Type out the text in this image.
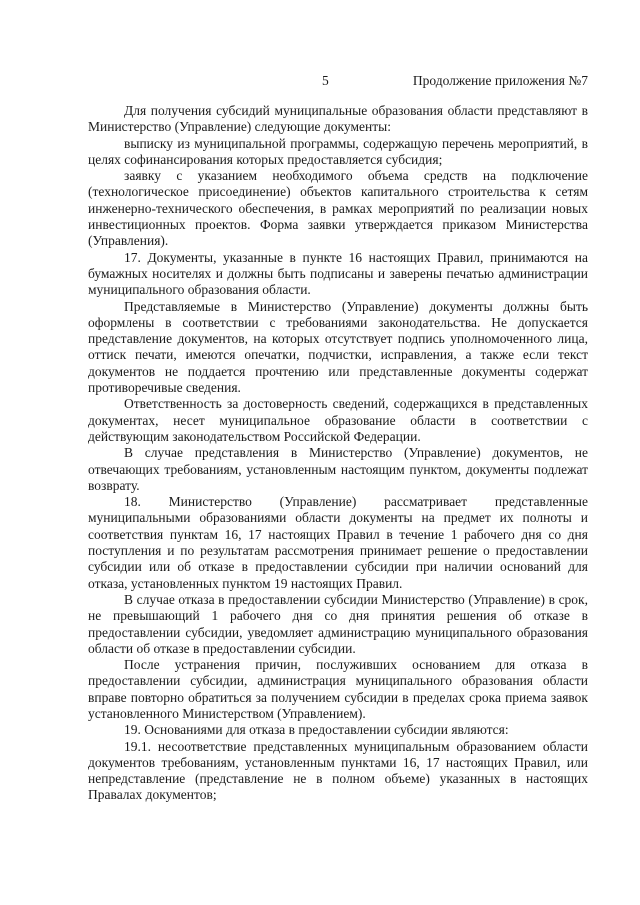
5	Продолжение приложения №7

Для получения субсидий муниципальные образования области представляют в Министерство (Управление) следующие документы:

выписку из муниципальной программы, содержащую перечень мероприятий, в целях софинансирования которых предоставляется субсидия;

заявку с указанием необходимого объема средств на подключение (технологическое присоединение) объектов капитального строительства к сетям инженерно-технического обеспечения, в рамках мероприятий по реализации новых инвестиционных проектов. Форма заявки утверждается приказом Министерства (Управления).

17. Документы, указанные в пункте 16 настоящих Правил, принимаются на бумажных носителях и должны быть подписаны и заверены печатью администрации муниципального образования области.

Представляемые в Министерство (Управление) документы должны быть оформлены в соответствии с требованиями законодательства. Не допускается представление документов, на которых отсутствует подпись уполномоченного лица, оттиск печати, имеются опечатки, подчистки, исправления, а также если текст документов не поддается прочтению или представленные документы содержат противоречивые сведения.

Ответственность за достоверность сведений, содержащихся в представленных документах, несет муниципальное образование области в соответствии с действующим законодательством Российской Федерации.

В случае представления в Министерство (Управление) документов, не отвечающих требованиям, установленным настоящим пунктом, документы подлежат возврату.

18. Министерство (Управление) рассматривает представленные муниципальными образованиями области документы на предмет их полноты и соответствия пунктам 16, 17 настоящих Правил в течение 1 рабочего дня со дня поступления и по результатам рассмотрения принимает решение о предоставлении субсидии или об отказе в предоставлении субсидии при наличии оснований для отказа, установленных пунктом 19 настоящих Правил.

В случае отказа в предоставлении субсидии Министерство (Управление) в срок, не превышающий 1 рабочего дня со дня принятия решения об отказе в предоставлении субсидии, уведомляет администрацию муниципального образования области об отказе в предоставлении субсидии.

После устранения причин, послуживших основанием для отказа в предоставлении субсидии, администрация муниципального образования области вправе повторно обратиться за получением субсидии в пределах срока приема заявок установленного Министерством (Управлением).

19. Основаниями для отказа в предоставлении субсидии являются:

19.1. несоответствие представленных муниципальным образованием области документов требованиям, установленным пунктами 16, 17 настоящих Правил, или непредставление (представление не в полном объеме) указанных в настоящих Правалах документов;
